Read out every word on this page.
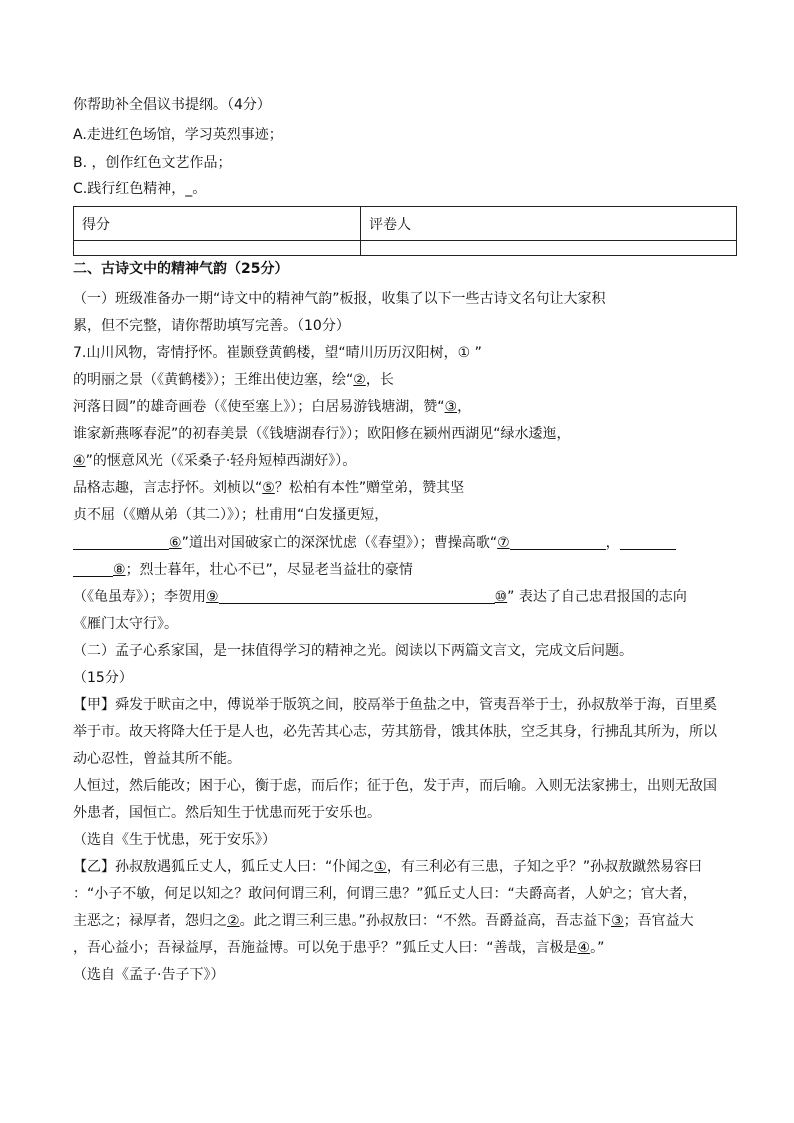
你帮助补全倡议书提纲。（4分）
A.走进红色场馆，学习英烈事迹；
B. ，创作红色文艺作品；
C.践行红色精神，_。
得分	评卷人

二、古诗文中的精神气韵（25分）
（一）班级准备办一期“诗文中的精神气韵”板报，收集了以下一些古诗文名句让大家积
累，但不完整，请你帮助填写完善。（10分）
7.山川风物，寄情抒怀。崔颢登黄鹤楼，望“晴川历历汉阳树，① ”
的明丽之景（《黄鹤楼》）；王维出使边塞，绘“②，长
河落日圆”的雄奇画卷（《使至塞上》）；白居易游钱塘湖，赞“③，
谁家新燕啄春泥”的初春美景（《钱塘湖春行》）；欧阳修在颍州西湖见“绿水逶迤，
④”的惬意风光（《采桑子·轻舟短棹西湖好》）。
品格志趣，言志抒怀。刘桢以“⑤？松柏有本性”赠堂弟，赞其坚
贞不屈（《赠从弟（其二）》）；杜甫用“白发搔更短，
⑥”道出对国破家亡的深深忧虑（《春望》）；曹操高歌“⑦	，
⑧；烈士暮年，壮心不已”，尽显老当益壮的豪情
（《龟虽寿》）；李贺用⑨	⑩” 表达了自己忠君报国的志向
《雁门太守行》。
（二）孟子心系家国，是一抹值得学习的精神之光。阅读以下两篇文言文，完成文后问题。
（15分）
【甲】舜发于畎亩之中，傅说举于版筑之间，胶鬲举于鱼盐之中，管夷吾举于士，孙叔敖举于海，百里奚
举于市。故天将降大任于是人也，必先苦其心志，劳其筋骨，饿其体肤，空乏其身，行拂乱其所为，所以
动心忍性，曾益其所不能。
人恒过，然后能改；困于心，衡于虑，而后作；征于色，发于声，而后喻。入则无法家拂士，出则无敌国
外患者，国恒亡。然后知生于忧患而死于安乐也。
（选自《生于忧患，死于安乐》）
【乙】孙叔敖遇狐丘丈人，狐丘丈人曰：“仆闻之①，有三利必有三患，子知之乎？”孙叔敖蹴然易容曰
：“小子不敏，何足以知之？敢问何谓三利，何谓三患？”狐丘丈人曰：“夫爵高者，人妒之；官大者，
主恶之；禄厚者，怨归之②。此之谓三利三患。”孙叔敖曰：“不然。吾爵益高，吾志益下③；吾官益大
，吾心益小；吾禄益厚，吾施益博。可以免于患乎？”狐丘丈人曰：“善哉，言极是④。”
（选自《孟子·告子下》）
